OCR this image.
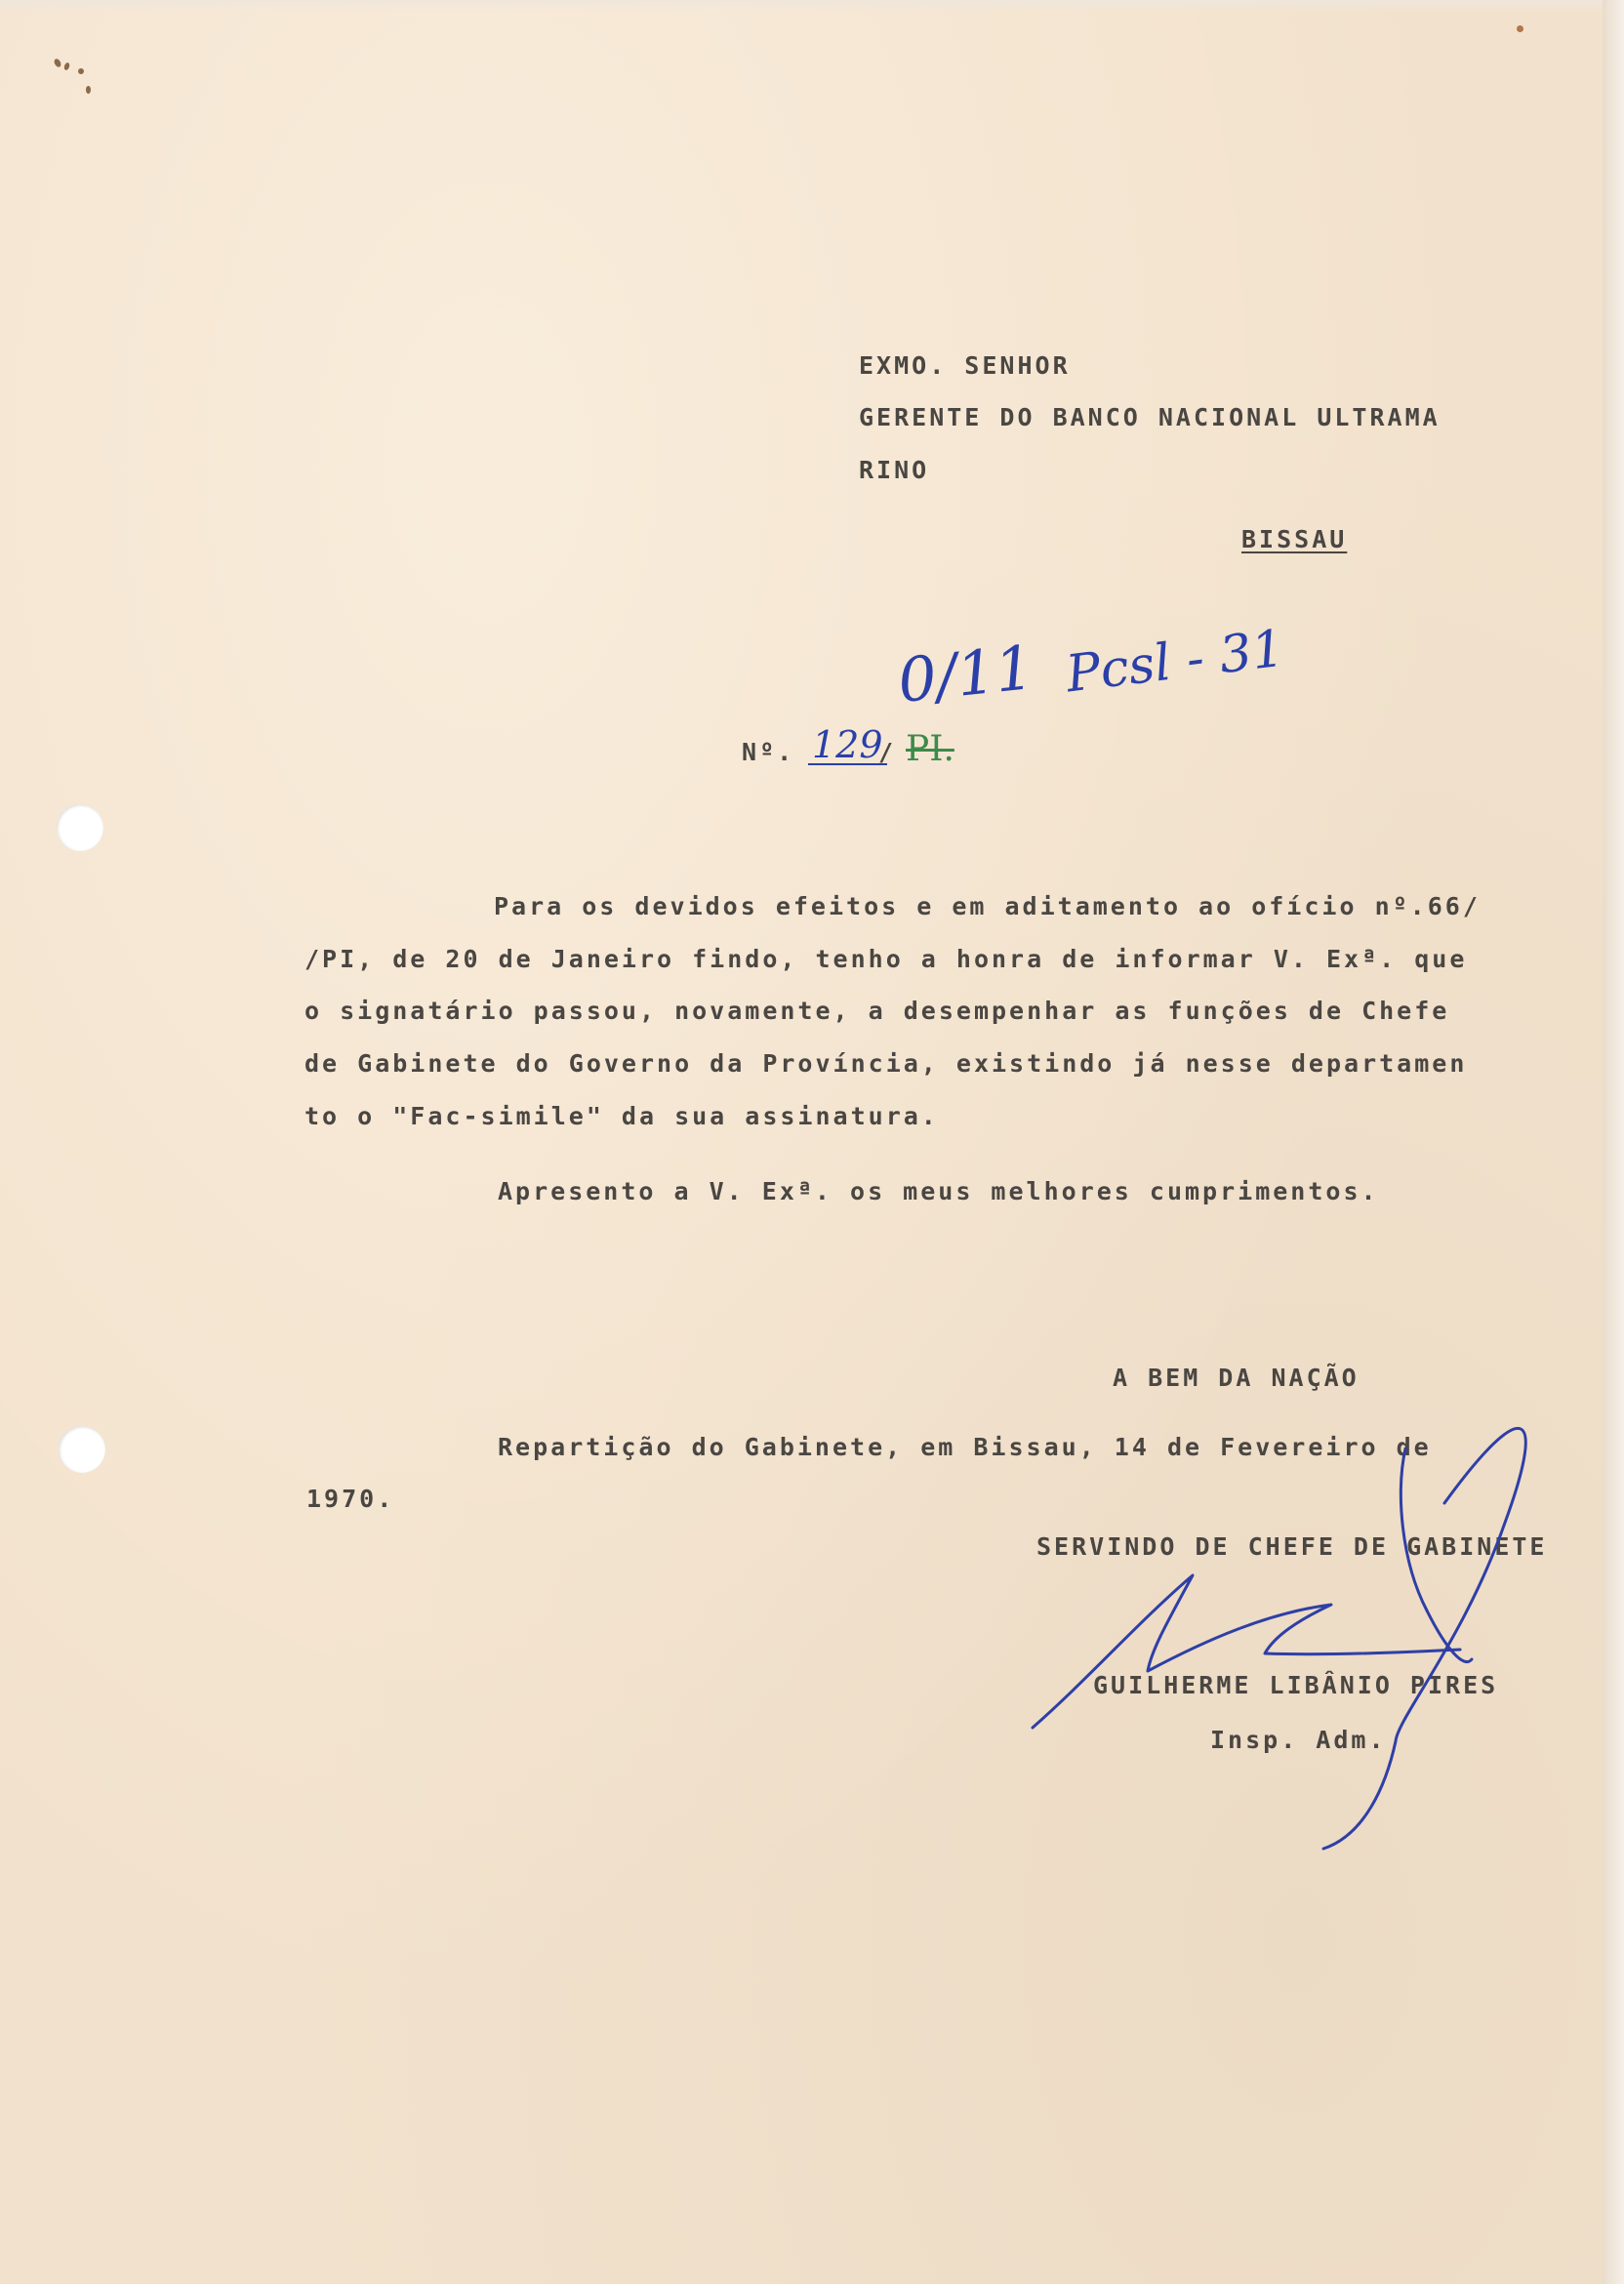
EXMO. SENHOR

GERENTE DO BANCO NACIONAL ULTRAMA

RINO

BISSAU

0/11 Pcsl - 31

Nº. 129

/ PI.

Para os devidos efeitos e em aditamento ao ofício nº.66/

/PI, de 20 de Janeiro findo, tenho a honra de informar V. Exª. que

o signatário passou, novamente, a desempenhar as funções de Chefe

de Gabinete do Governo da Província, existindo já nesse departamen

to o "Fac-simile" da sua assinatura.

Apresento a V. Exª. os meus melhores cumprimentos.

A BEM DA NAÇÃO

Repartição do Gabinete, em Bissau, 14 de Fevereiro de

1970.

SERVINDO DE CHEFE DE GABINETE

GUILHERME LIBÂNIO PIRES

Insp. Adm.
